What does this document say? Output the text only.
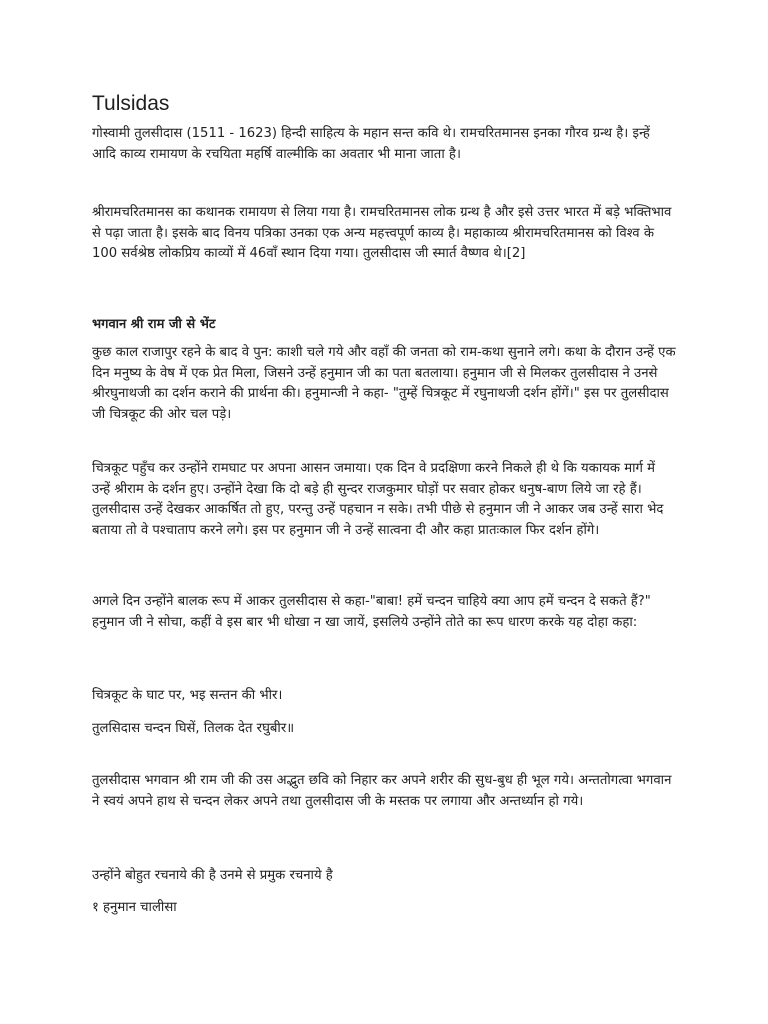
Tulsidas

गोस्वामी तुलसीदास (1511 - 1623) हिन्दी साहित्य के महान सन्त कवि थे। रामचरितमानस इनका गौरव ग्रन्थ है। इन्हें आदि काव्य रामायण के रचयिता महर्षि वाल्मीकि का अवतार भी माना जाता है।

श्रीरामचरितमानस का कथानक रामायण से लिया गया है। रामचरितमानस लोक ग्रन्थ है और इसे उत्तर भारत में बड़े भक्तिभाव से पढ़ा जाता है। इसके बाद विनय पत्रिका उनका एक अन्य महत्त्वपूर्ण काव्य है। महाकाव्य श्रीरामचरितमानस को विश्व के 100 सर्वश्रेष्ठ लोकप्रिय काव्यों में 46वाँ स्थान दिया गया। तुलसीदास जी स्मार्त वैष्णव थे।[2]

भगवान श्री राम जी से भेंट

कुछ काल राजापुर रहने के बाद वे पुन: काशी चले गये और वहाँ की जनता को राम-कथा सुनाने लगे। कथा के दौरान उन्हें एक दिन मनुष्य के वेष में एक प्रेत मिला, जिसने उन्हें हनुमान जी का पता बतलाया। हनुमान जी से मिलकर तुलसीदास ने उनसे श्रीरघुनाथजी का दर्शन कराने की प्रार्थना की। हनुमान्जी ने कहा- "तुम्हें चित्रकूट में रघुनाथजी दर्शन होंगें।" इस पर तुलसीदास जी चित्रकूट की ओर चल पड़े।

चित्रकूट पहुँच कर उन्होंने रामघाट पर अपना आसन जमाया। एक दिन वे प्रदक्षिणा करने निकले ही थे कि यकायक मार्ग में उन्हें श्रीराम के दर्शन हुए। उन्होंने देखा कि दो बड़े ही सुन्दर राजकुमार घोड़ों पर सवार होकर धनुष-बाण लिये जा रहे हैं। तुलसीदास उन्हें देखकर आकर्षित तो हुए, परन्तु उन्हें पहचान न सके। तभी पीछे से हनुमान जी ने आकर जब उन्हें सारा भेद बताया तो वे पश्चाताप करने लगे। इस पर हनुमान जी ने उन्हें सात्वना दी और कहा प्रातःकाल फिर दर्शन होंगे।

अगले दिन उन्होंने बालक रूप में आकर तुलसीदास से कहा-"बाबा! हमें चन्दन चाहिये क्या आप हमें चन्दन दे सकते हैं?" हनुमान जी ने सोचा, कहीं वे इस बार भी धोखा न खा जायें, इसलिये उन्होंने तोते का रूप धारण करके यह दोहा कहा:

चित्रकूट के घाट पर, भइ सन्तन की भीर।

तुलसिदास चन्दन घिसें, तिलक देत रघुबीर॥

तुलसीदास भगवान श्री राम जी की उस अद्भुत छवि को निहार कर अपने शरीर की सुध-बुध ही भूल गये। अन्ततोगत्वा भगवान ने स्वयं अपने हाथ से चन्दन लेकर अपने तथा तुलसीदास जी के मस्तक पर लगाया और अन्तर्ध्यान हो गये।

उन्होंने बोहुत रचनाये की है उनमे से प्रमुक रचनाये है

१ हनुमान चालीसा
